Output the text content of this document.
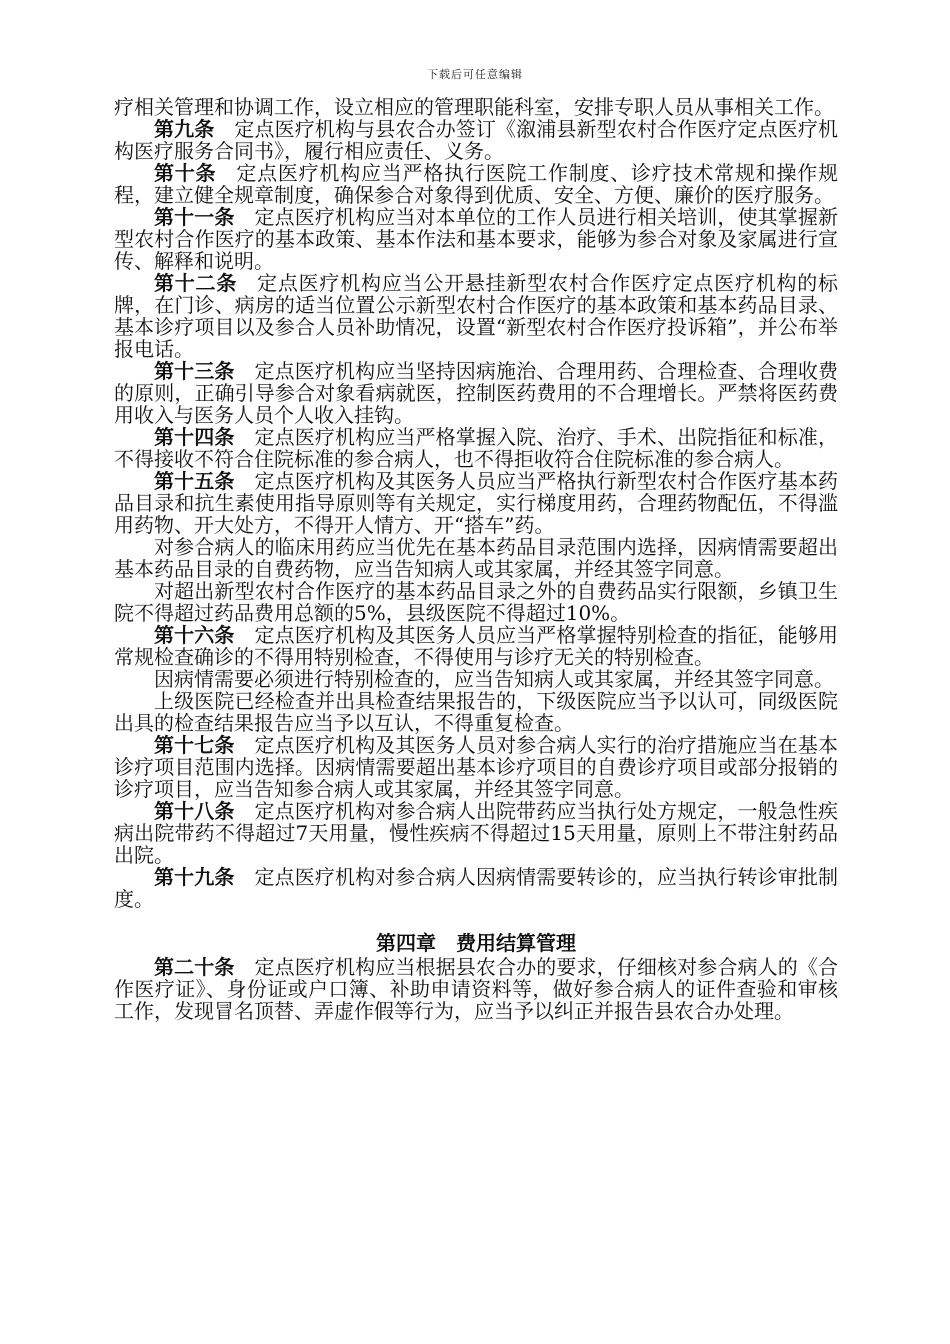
下载后可任意编辑

疗相关管理和协调工作，设立相应的管理职能科室，安排专职人员从事相关工作。

第九条 定点医疗机构与县农合办签订《溆浦县新型农村合作医疗定点医疗机构医疗服务合同书》，履行相应责任、义务。

第十条 定点医疗机构应当严格执行医院工作制度、诊疗技术常规和操作规程，建立健全规章制度，确保参合对象得到优质、安全、方便、廉价的医疗服务。

第十一条 定点医疗机构应当对本单位的工作人员进行相关培训，使其掌握新型农村合作医疗的基本政策、基本作法和基本要求，能够为参合对象及家属进行宣传、解释和说明。

第十二条 定点医疗机构应当公开悬挂新型农村合作医疗定点医疗机构的标牌，在门诊、病房的适当位置公示新型农村合作医疗的基本政策和基本药品目录、基本诊疗项目以及参合人员补助情况，设置“新型农村合作医疗投诉箱”，并公布举报电话。

第十三条 定点医疗机构应当坚持因病施治、合理用药、合理检查、合理收费的原则，正确引导参合对象看病就医，控制医药费用的不合理增长。严禁将医药费用收入与医务人员个人收入挂钩。

第十四条 定点医疗机构应当严格掌握入院、治疗、手术、出院指征和标准，不得接收不符合住院标准的参合病人，也不得拒收符合住院标准的参合病人。

第十五条 定点医疗机构及其医务人员应当严格执行新型农村合作医疗基本药品目录和抗生素使用指导原则等有关规定，实行梯度用药，合理药物配伍，不得滥用药物、开大处方，不得开人情方、开“搭车”药。

对参合病人的临床用药应当优先在基本药品目录范围内选择，因病情需要超出基本药品目录的自费药物，应当告知病人或其家属，并经其签字同意。

对超出新型农村合作医疗的基本药品目录之外的自费药品实行限额，乡镇卫生院不得超过药品费用总额的5%，县级医院不得超过10%。

第十六条 定点医疗机构及其医务人员应当严格掌握特别检查的指征，能够用常规检查确诊的不得用特别检查，不得使用与诊疗无关的特别检查。

因病情需要必须进行特别检查的，应当告知病人或其家属，并经其签字同意。

上级医院已经检查并出具检查结果报告的，下级医院应当予以认可，同级医院出具的检查结果报告应当予以互认，不得重复检查。

第十七条 定点医疗机构及其医务人员对参合病人实行的治疗措施应当在基本诊疗项目范围内选择。因病情需要超出基本诊疗项目的自费诊疗项目或部分报销的诊疗项目，应当告知参合病人或其家属，并经其签字同意。

第十八条 定点医疗机构对参合病人出院带药应当执行处方规定，一般急性疾病出院带药不得超过7天用量，慢性疾病不得超过15天用量，原则上不带注射药品出院。

第十九条 定点医疗机构对参合病人因病情需要转诊的，应当执行转诊审批制度。

第四章 费用结算管理

第二十条 定点医疗机构应当根据县农合办的要求，仔细核对参合病人的《合作医疗证》、身份证或户口簿、补助申请资料等，做好参合病人的证件查验和审核工作，发现冒名顶替、弄虚作假等行为，应当予以纠正并报告县农合办处理。
